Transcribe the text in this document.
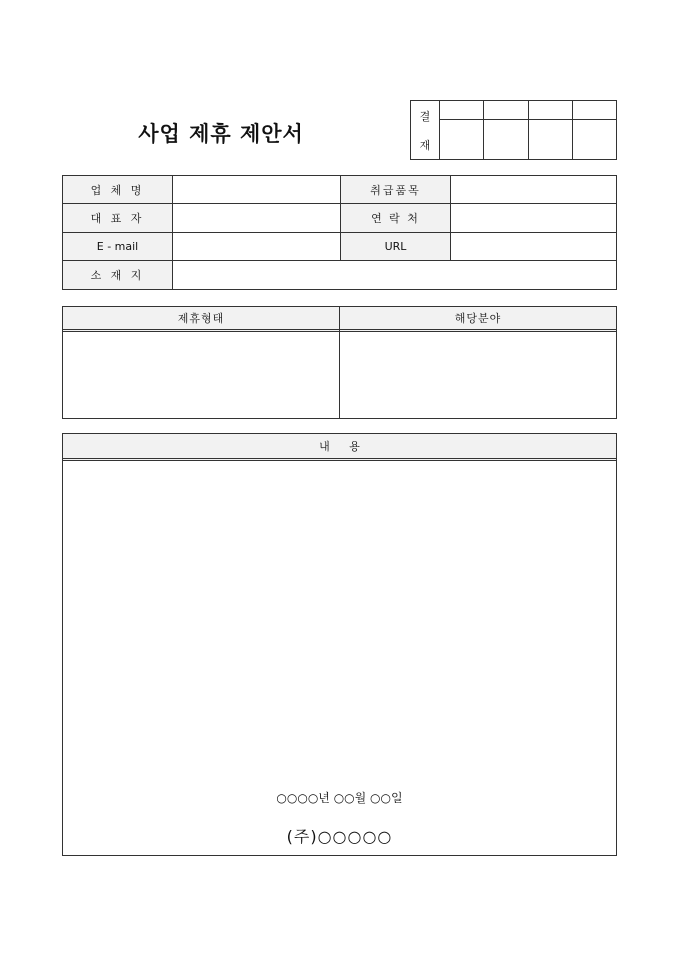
사업 제휴 제안서
결
재
업 체 명	취급품목
대 표 자	연 락 처
E - mail	URL
소 재 지
제휴형태	해당분야
내 용
○○○○년 ○○월 ○○일
(주)○○○○○
